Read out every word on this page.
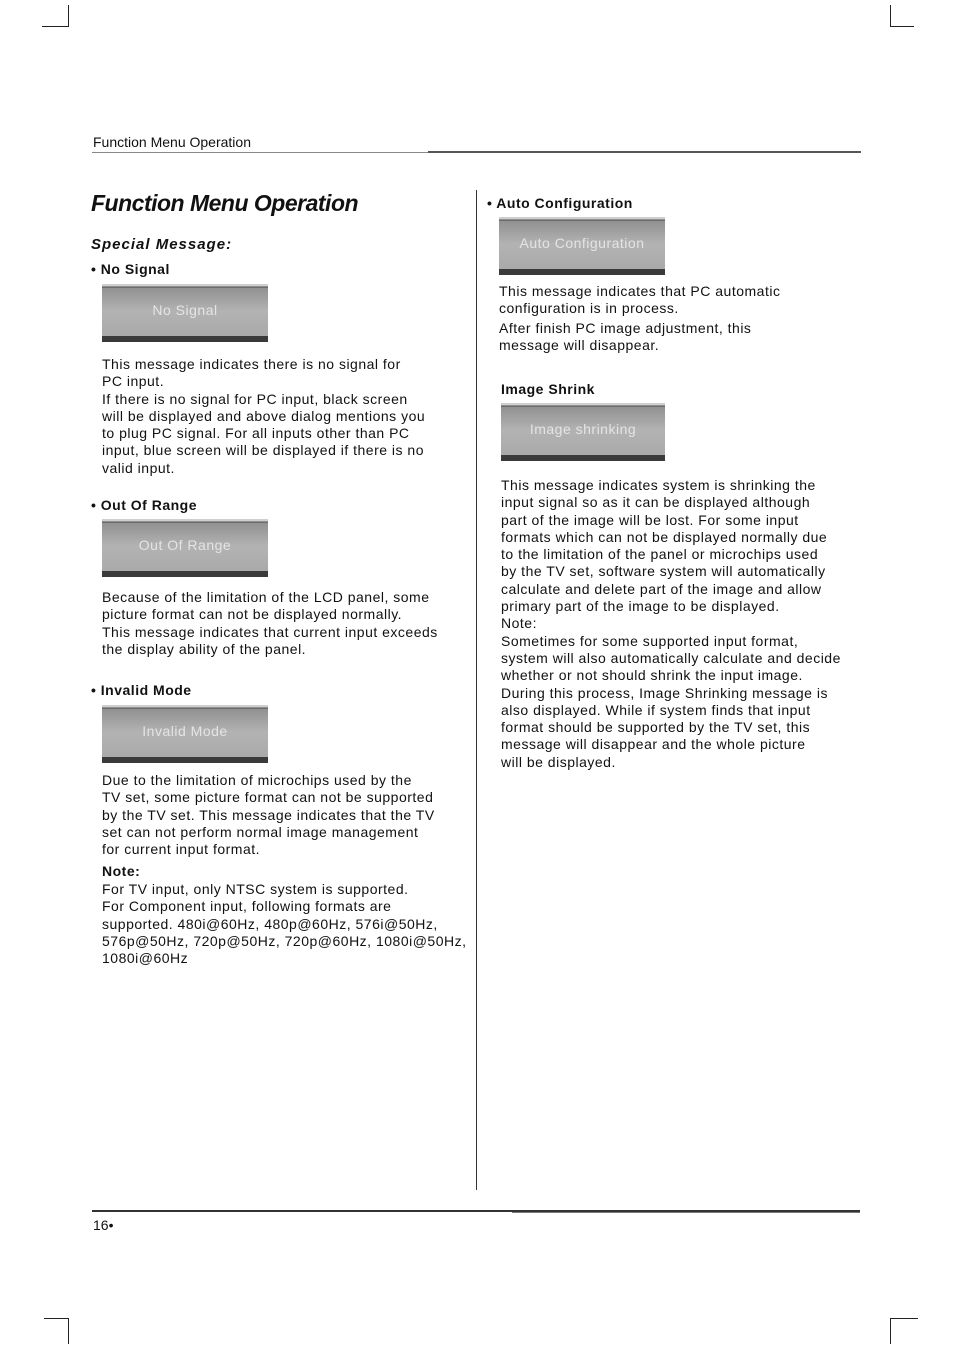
Function Menu Operation
Function Menu Operation
Special Message:
• No Signal
No Signal
This message indicates there is no signal for
PC input.
If there is no signal for PC input, black screen
will be displayed and above dialog mentions you
to plug PC signal. For all inputs other than PC
input, blue screen will be displayed if there is no
valid input.
• Out Of Range
Out Of Range
Because of the limitation of the LCD panel, some
picture format can not be displayed normally.
This message indicates that current input exceeds
the display ability of the panel.
• Invalid Mode
Invalid Mode
Due to the limitation of microchips used by the
TV set, some picture format can not be supported
by the TV set. This message indicates that the TV
set can not perform normal image management
for current input format.
Note:
For TV input, only NTSC system is supported.
For Component input, following formats are
supported. 480i@60Hz, 480p@60Hz, 576i@50Hz,
576p@50Hz, 720p@50Hz, 720p@60Hz, 1080i@50Hz,
1080i@60Hz
• Auto Configuration
Auto Configuration
This message indicates that PC automatic
configuration is in process.
After finish PC image adjustment, this
message will disappear.
Image Shrink
Image shrinking
This message indicates system is shrinking the
input signal so as it can be displayed although
part of the image will be lost. For some input
formats which can not be displayed normally due
to the limitation of the panel or microchips used
by the TV set, software system will automatically
calculate and delete part of the image and allow
primary part of the image to be displayed.
Note:
Sometimes for some supported input format,
system will also automatically calculate and decide
whether or not should shrink the input image.
During this process, Image Shrinking message is
also displayed. While if system finds that input
format should be supported by the TV set, this
message will disappear and the whole picture
will be displayed.
16•
